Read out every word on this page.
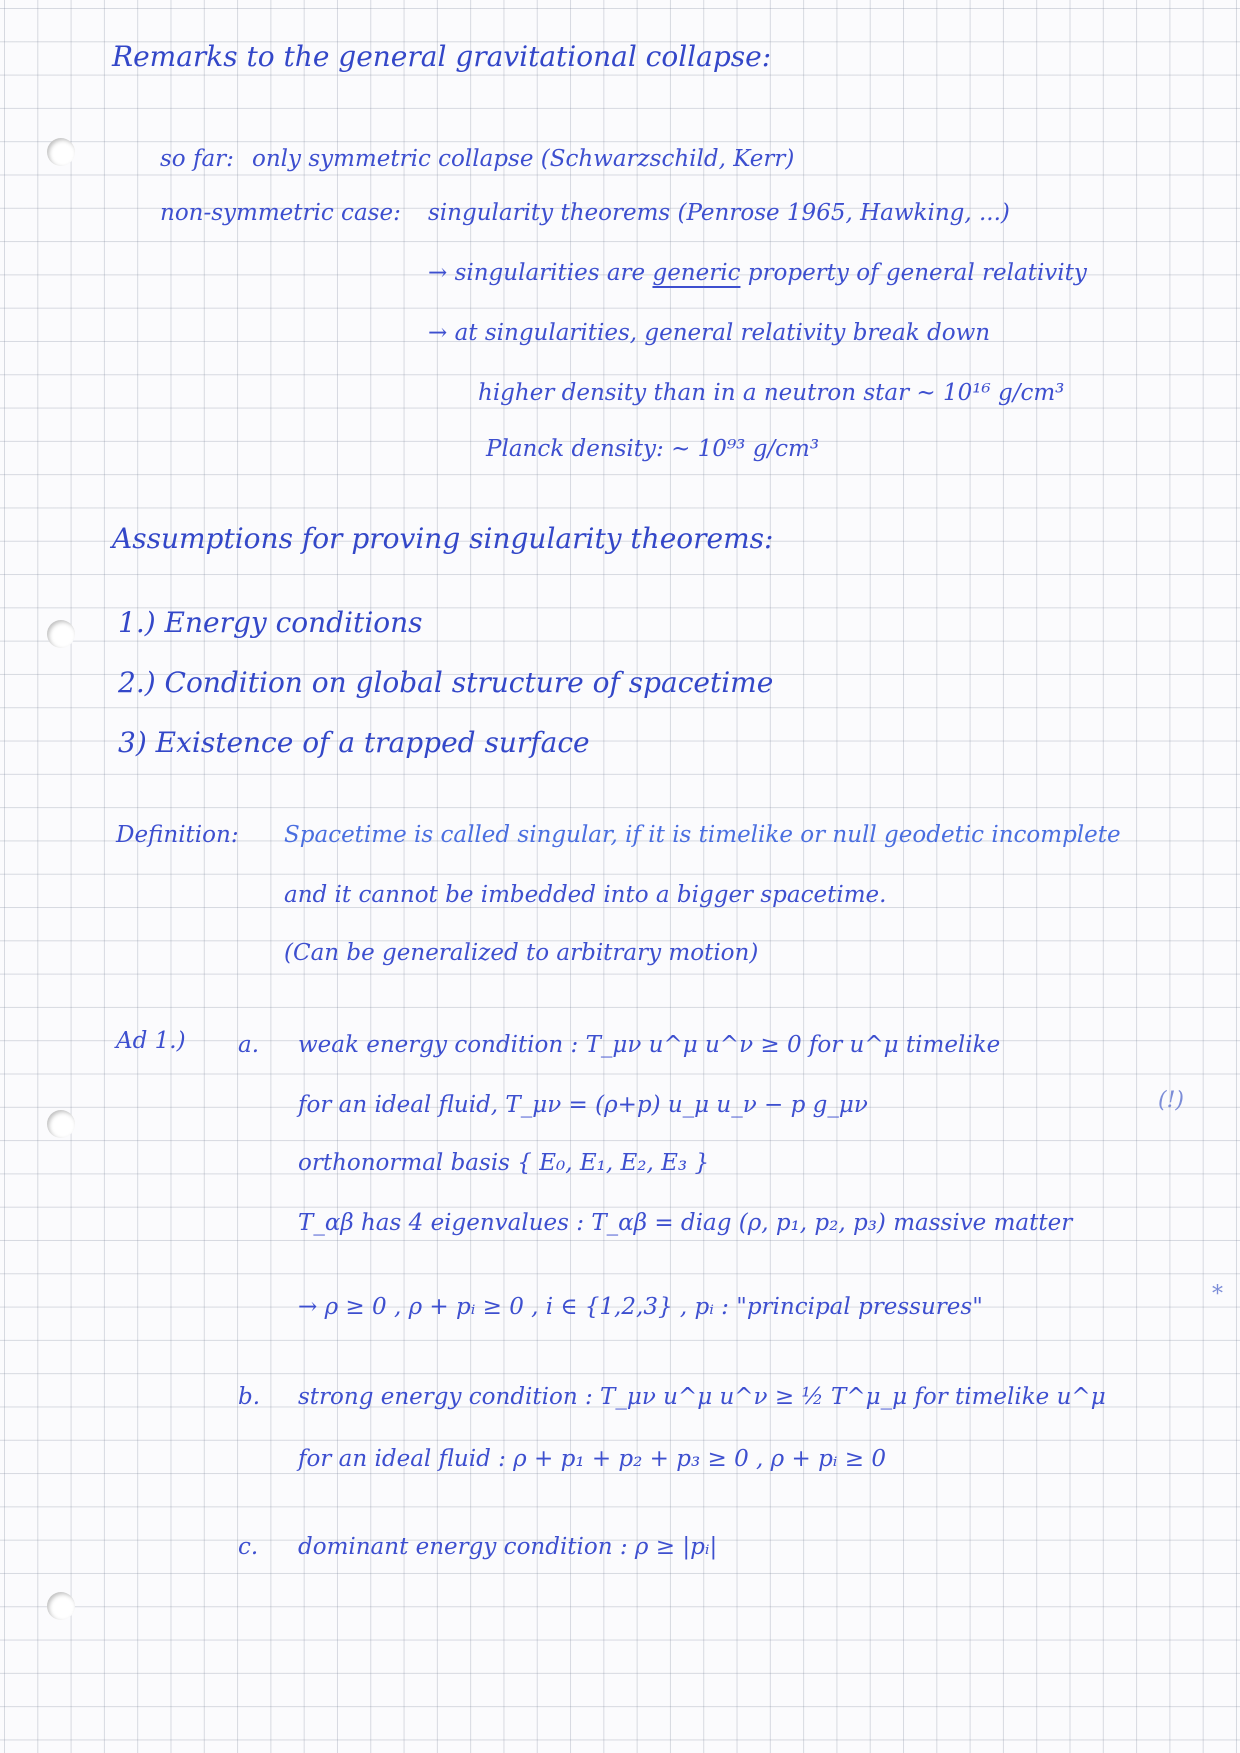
Remarks to the general gravitational collapse:
so far: only symmetric collapse (Schwarzschild, Kerr)
non-symmetric case: singularity theorems (Penrose 1965, Hawking, ...)
→ singularities are generic property of general relativity
→ at singularities, general relativity break down
higher density than in a neutron star ~ 10¹⁶ g/cm³
Planck density: ~ 10⁹³ g/cm³
Assumptions for proving singularity theorems:
1.) Energy conditions
2.) Condition on global structure of spacetime
3) Existence of a trapped surface
Definition: Spacetime is called singular, if it is timelike or null geodetic incomplete
and it cannot be imbedded into a bigger spacetime.
(Can be generalized to arbitrary motion)
Ad 1.) a. weak energy condition : T_μν u^μ u^ν ≥ 0 for u^μ timelike
for an ideal fluid, T_μν = (ρ+p) u_μ u_ν − p g_μν	(!)
orthonormal basis { E₀, E₁, E₂, E₃ }
T_αβ has 4 eigenvalues : T_αβ = diag (ρ, p₁, p₂, p₃) massive matter
→ ρ ≥ 0 , ρ + pᵢ ≥ 0 , i ∈ {1,2,3} , pᵢ : "principal pressures"	*
b. strong energy condition : T_μν u^μ u^ν ≥ ½ T^μ_μ for timelike u^μ
for an ideal fluid : ρ + p₁ + p₂ + p₃ ≥ 0 , ρ + pᵢ ≥ 0
c. dominant energy condition : ρ ≥ |pᵢ|
